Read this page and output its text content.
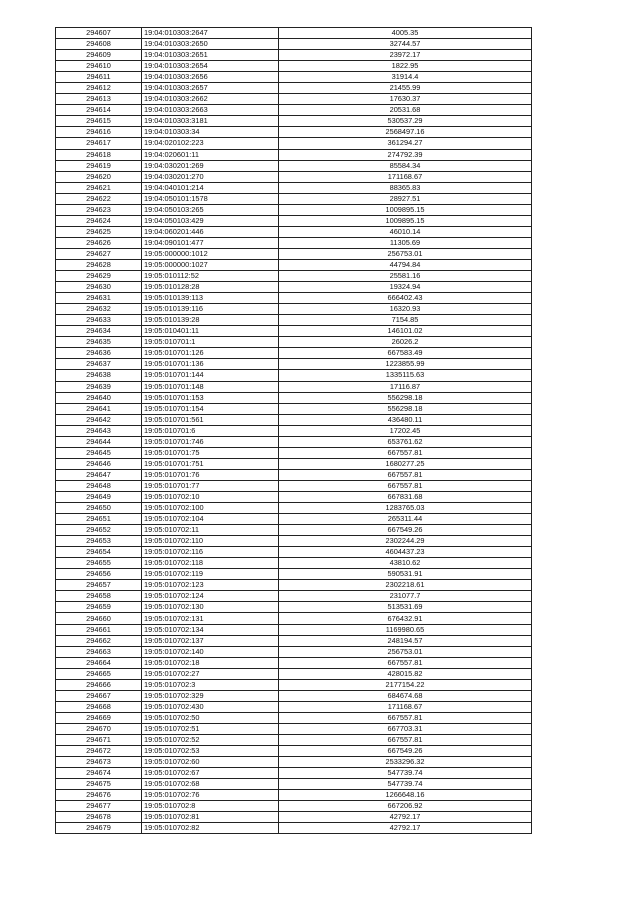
294607	19:04:010303:2647	4005.35
294608	19:04:010303:2650	32744.57
294609	19:04:010303:2651	23972.17
294610	19:04:010303:2654	1822.95
294611	19:04:010303:2656	31914.4
294612	19:04:010303:2657	21455.99
294613	19:04:010303:2662	17630.37
294614	19:04:010303:2663	20531.68
294615	19:04:010303:3181	530537.29
294616	19:04:010303:34	2568497.16
294617	19:04:020102:223	361294.27
294618	19:04:020601:11	274792.39
294619	19:04:030201:269	85584.34
294620	19:04:030201:270	171168.67
294621	19:04:040101:214	88365.83
294622	19:04:050101:1578	28927.51
294623	19:04:050103:265	1009895.15
294624	19:04:050103:429	1009895.15
294625	19:04:060201:446	46010.14
294626	19:04:090101:477	11305.69
294627	19:05:000000:1012	256753.01
294628	19:05:000000:1027	44794.84
294629	19:05:010112:52	25581.16
294630	19:05:010128:28	19324.94
294631	19:05:010139:113	666402.43
294632	19:05:010139:116	16320.93
294633	19:05:010139:28	7154.85
294634	19:05:010401:11	146101.02
294635	19:05:010701:1	26026.2
294636	19:05:010701:126	667583.49
294637	19:05:010701:136	1223855.99
294638	19:05:010701:144	1335115.63
294639	19:05:010701:148	17116.87
294640	19:05:010701:153	556298.18
294641	19:05:010701:154	556298.18
294642	19:05:010701:561	436480.11
294643	19:05:010701:6	17202.45
294644	19:05:010701:746	653761.62
294645	19:05:010701:75	667557.81
294646	19:05:010701:751	1680277.25
294647	19:05:010701:76	667557.81
294648	19:05:010701:77	667557.81
294649	19:05:010702:10	667831.68
294650	19:05:010702:100	1283765.03
294651	19:05:010702:104	265311.44
294652	19:05:010702:11	667549.26
294653	19:05:010702:110	2302244.29
294654	19:05:010702:116	4604437.23
294655	19:05:010702:118	43810.62
294656	19:05:010702:119	590531.91
294657	19:05:010702:123	2302218.61
294658	19:05:010702:124	231077.7
294659	19:05:010702:130	513531.69
294660	19:05:010702:131	676432.91
294661	19:05:010702:134	1169980.65
294662	19:05:010702:137	248194.57
294663	19:05:010702:140	256753.01
294664	19:05:010702:18	667557.81
294665	19:05:010702:27	428015.82
294666	19:05:010702:3	2177154.22
294667	19:05:010702:329	684674.68
294668	19:05:010702:430	171168.67
294669	19:05:010702:50	667557.81
294670	19:05:010702:51	667703.31
294671	19:05:010702:52	667557.81
294672	19:05:010702:53	667549.26
294673	19:05:010702:60	2533296.32
294674	19:05:010702:67	547739.74
294675	19:05:010702:68	547739.74
294676	19:05:010702:76	1266648.16
294677	19:05:010702:8	667206.92
294678	19:05:010702:81	42792.17
294679	19:05:010702:82	42792.17
